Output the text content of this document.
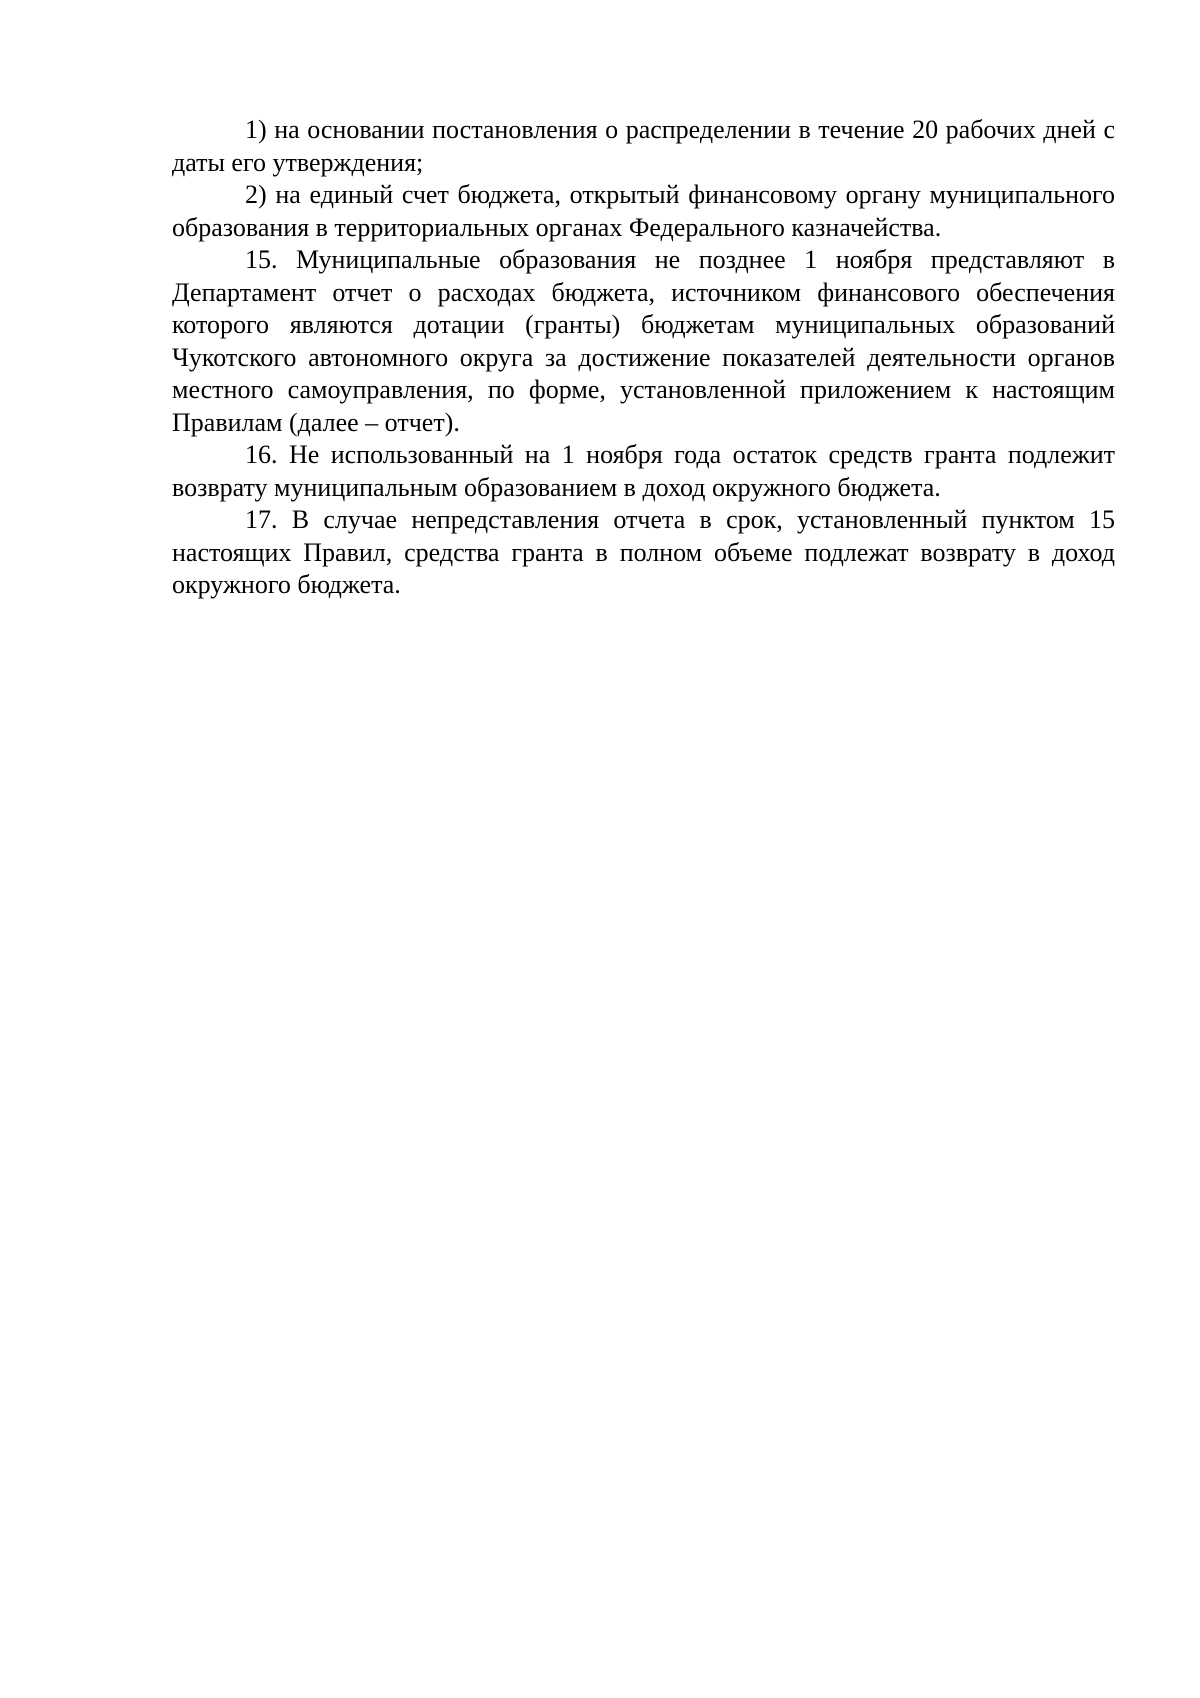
1) на основании постановления о распределении в течение 20 рабочих дней с даты его утверждения;

2) на единый счет бюджета, открытый финансовому органу муниципального образования в территориальных органах Федерального казначейства.

15. Муниципальные образования не позднее 1 ноября представляют в Департамент отчет о расходах бюджета, источником финансового обеспечения которого являются дотации (гранты) бюджетам муниципальных образований Чукотского автономного округа за достижение показателей деятельности органов местного самоуправления, по форме, установленной приложением к настоящим Правилам (далее – отчет).

16. Не использованный на 1 ноября года остаток средств гранта подлежит возврату муниципальным образованием в доход окружного бюджета.

17. В случае непредставления отчета в срок, установленный пунктом 15 настоящих Правил, средства гранта в полном объеме подлежат возврату в доход окружного бюджета.
